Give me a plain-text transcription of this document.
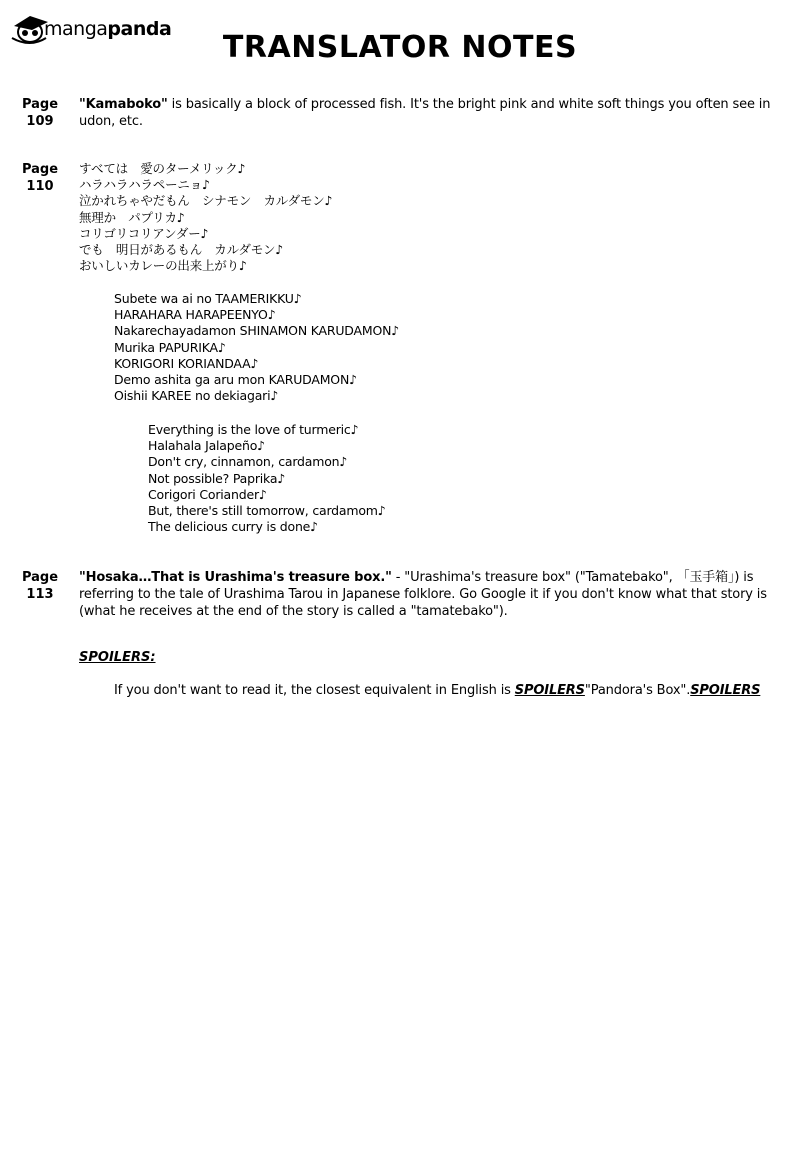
mangapanda
TRANSLATOR NOTES
Page
109
"Kamaboko" is basically a block of processed fish. It's the bright pink and white soft things you often see in udon, etc.
Page
110
すべては　愛のターメリック♪
ハラハラハラペーニョ♪
泣かれちゃやだもん　シナモン　カルダモン♪
無理か　パプリカ♪
コリゴリコリアンダー♪
でも　明日があるもん　カルダモン♪
おいしいカレーの出来上がり♪
Subete wa ai no TAAMERIKKU♪
HARAHARA HARAPEENYO♪
Nakarechayadamon SHINAMON KARUDAMON♪
Murika PAPURIKA♪
KORIGORI KORIANDAA♪
Demo ashita ga aru mon KARUDAMON♪
Oishii KAREE no dekiagari♪
Everything is the love of turmeric♪
Halahala Jalapeño♪
Don't cry, cinnamon, cardamon♪
Not possible? Paprika♪
Corigori Coriander♪
But, there's still tomorrow, cardamom♪
The delicious curry is done♪
Page
113
"Hosaka…That is Urashima's treasure box." - "Urashima's treasure box" ("Tamatebako", 「玉手箱」) is referring to the tale of Urashima Tarou in Japanese folklore. Go Google it if you don't know what that story is (what he receives at the end of the story is called a "tamatebako").
SPOILERS:
If you don't want to read it, the closest equivalent in English is SPOILERS"Pandora's Box".SPOILERS
